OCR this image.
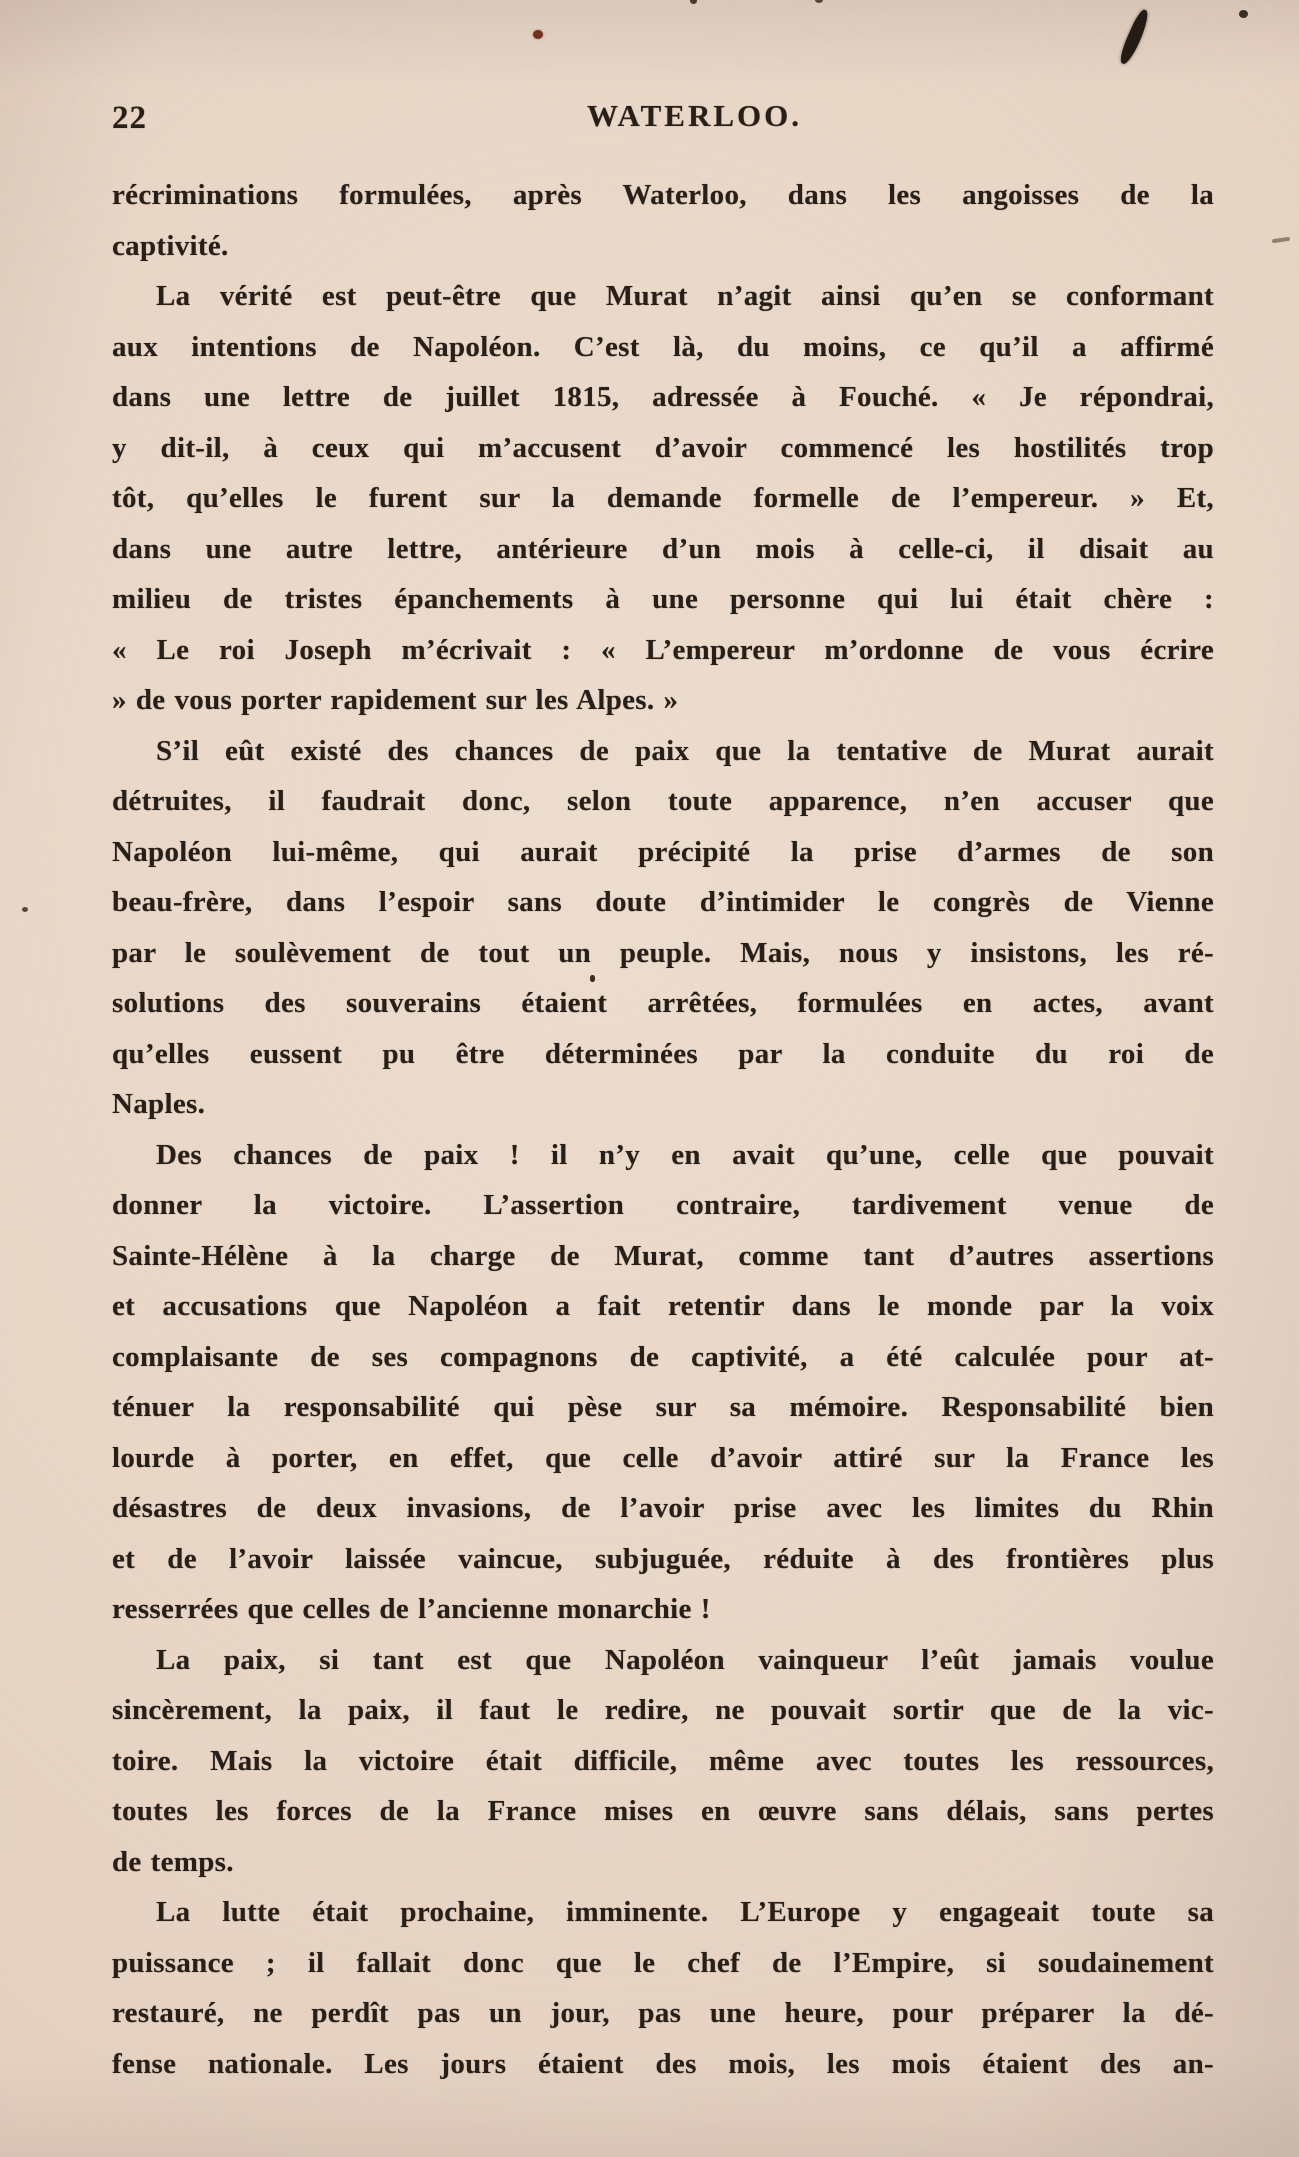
22	WATERLOO.
récriminations formulées, après Waterloo, dans les angoisses de la
captivité.
La vérité est peut-être que Murat n’agit ainsi qu’en se conformant
aux intentions de Napoléon. C’est là, du moins, ce qu’il a affirmé
dans une lettre de juillet 1815, adressée à Fouché. « Je répondrai,
y dit-il, à ceux qui m’accusent d’avoir commencé les hostilités trop
tôt, qu’elles le furent sur la demande formelle de l’empereur. » Et,
dans une autre lettre, antérieure d’un mois à celle-ci, il disait au
milieu de tristes épanchements à une personne qui lui était chère :
« Le roi Joseph m’écrivait : « L’empereur m’ordonne de vous écrire
» de vous porter rapidement sur les Alpes. »
S’il eût existé des chances de paix que la tentative de Murat aurait
détruites, il faudrait donc, selon toute apparence, n’en accuser que
Napoléon lui-même, qui aurait précipité la prise d’armes de son
beau-frère, dans l’espoir sans doute d’intimider le congrès de Vienne
par le soulèvement de tout un peuple. Mais, nous y insistons, les ré-
solutions des souverains étaient arrêtées, formulées en actes, avant
qu’elles eussent pu être déterminées par la conduite du roi de
Naples.
Des chances de paix ! il n’y en avait qu’une, celle que pouvait
donner la victoire. L’assertion contraire, tardivement venue de
Sainte-Hélène à la charge de Murat, comme tant d’autres assertions
et accusations que Napoléon a fait retentir dans le monde par la voix
complaisante de ses compagnons de captivité, a été calculée pour at-
ténuer la responsabilité qui pèse sur sa mémoire. Responsabilité bien
lourde à porter, en effet, que celle d’avoir attiré sur la France les
désastres de deux invasions, de l’avoir prise avec les limites du Rhin
et de l’avoir laissée vaincue, subjuguée, réduite à des frontières plus
resserrées que celles de l’ancienne monarchie !
La paix, si tant est que Napoléon vainqueur l’eût jamais voulue
sincèrement, la paix, il faut le redire, ne pouvait sortir que de la vic-
toire. Mais la victoire était difficile, même avec toutes les ressources,
toutes les forces de la France mises en œuvre sans délais, sans pertes
de temps.
La lutte était prochaine, imminente. L’Europe y engageait toute sa
puissance ; il fallait donc que le chef de l’Empire, si soudainement
restauré, ne perdît pas un jour, pas une heure, pour préparer la dé-
fense nationale. Les jours étaient des mois, les mois étaient des an-
